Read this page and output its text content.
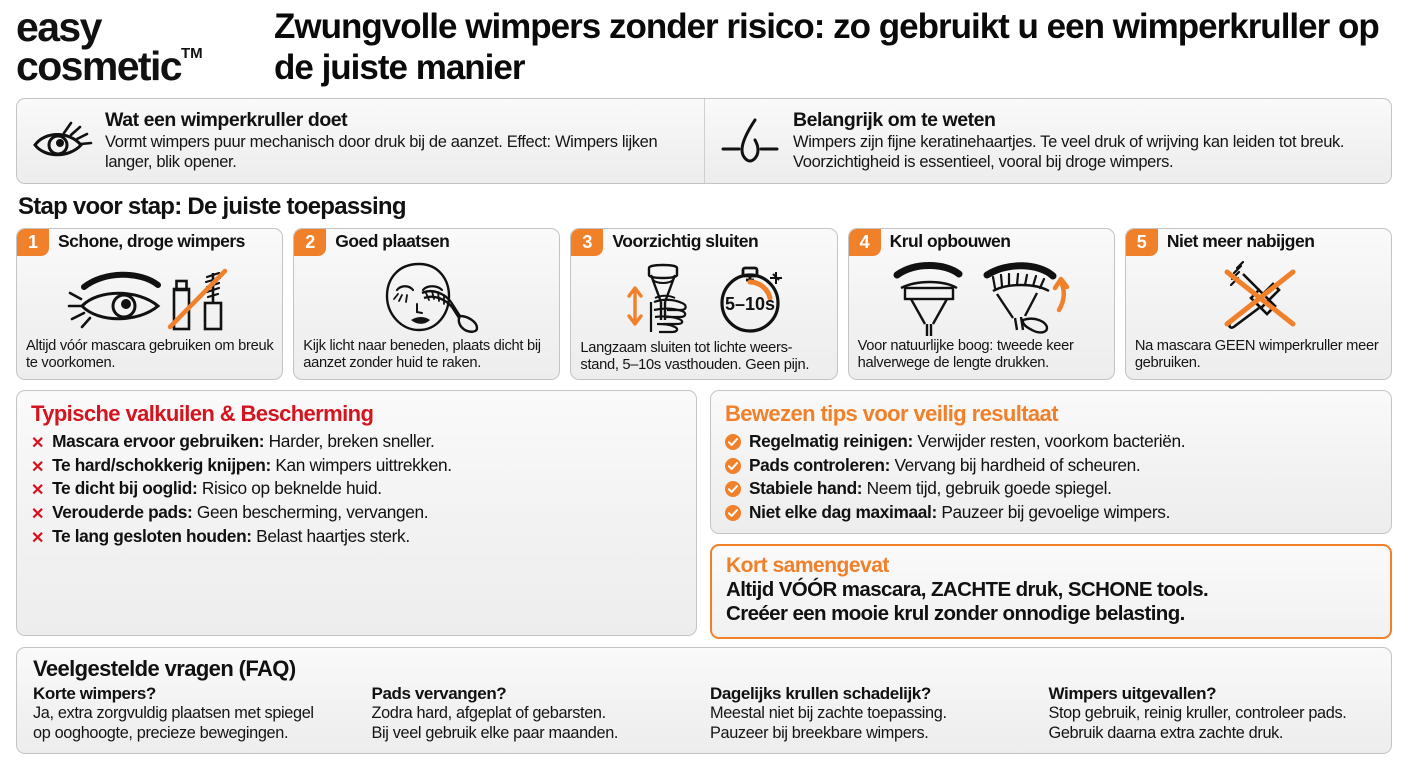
easy
cosmetic™
Zwungvolle wimpers zonder risico: zo gebruikt u een wimperkruller op de juiste manier
Wat een wimperkruller doet

Vormt wimpers puur mechanisch door druk bij de aanzet. Effect: Wimpers lijken langer, blik opener.

Belangrijk om te weten

Wimpers zijn fijne keratinehaartjes. Te veel druk of wrijving kan leiden tot breuk. Voorzichtigheid is essentieel, vooral bij droge wimpers.

Stap voor stap: De juiste toepassing
1	Schone, droge wimpers
Altijd vóór mascara gebruiken om breuk te voorkomen.
2	Goed plaatsen
Kijk licht naar beneden, plaats dicht bij aanzet zonder huid te raken.
3	Voorzichtig sluiten
5–10s
Langzaam sluiten tot lichte weers-stand, 5–10s vasthouden. Geen pijn.
4	Krul opbouwen
Voor natuurlijke boog: tweede keer halverwege de lengte drukken.
5	Niet meer nabijgen
Na mascara GEEN wimperkruller meer gebruiken.
Typische valkuilen & Bescherming
✕ Mascara ervoor gebruiken: Harder, breken sneller.
✕ Te hard/schokkerig knijpen: Kan wimpers uittrekken.
✕ Te dicht bij ooglid: Risico op beknelde huid.
✕ Verouderde pads: Geen bescherming, vervangen.
✕ Te lang gesloten houden: Belast haartjes sterk.
Bewezen tips voor veilig resultaat
Regelmatig reinigen: Verwijder resten, voorkom bacteriën.
Pads controleren: Vervang bij hardheid of scheuren.
Stabiele hand: Neem tijd, gebruik goede spiegel.
Niet elke dag maximaal: Pauzeer bij gevoelige wimpers.
Kort samengevat
Altijd VÓÓR mascara, ZACHTE druk, SCHONE tools.
Creéer een mooie krul zonder onnodige belasting.
Veelgestelde vragen (FAQ)
Korte wimpers?
Ja, extra zorgvuldig plaatsen met spiegel
op ooghoogte, precieze bewegingen.
Pads vervangen?
Zodra hard, afgeplat of gebarsten.
Bij veel gebruik elke paar maanden.
Dagelijks krullen schadelijk?
Meestal niet bij zachte toepassing.
Pauzeer bij breekbare wimpers.
Wimpers uitgevallen?
Stop gebruik, reinig kruller, controleer pads.
Gebruik daarna extra zachte druk.
